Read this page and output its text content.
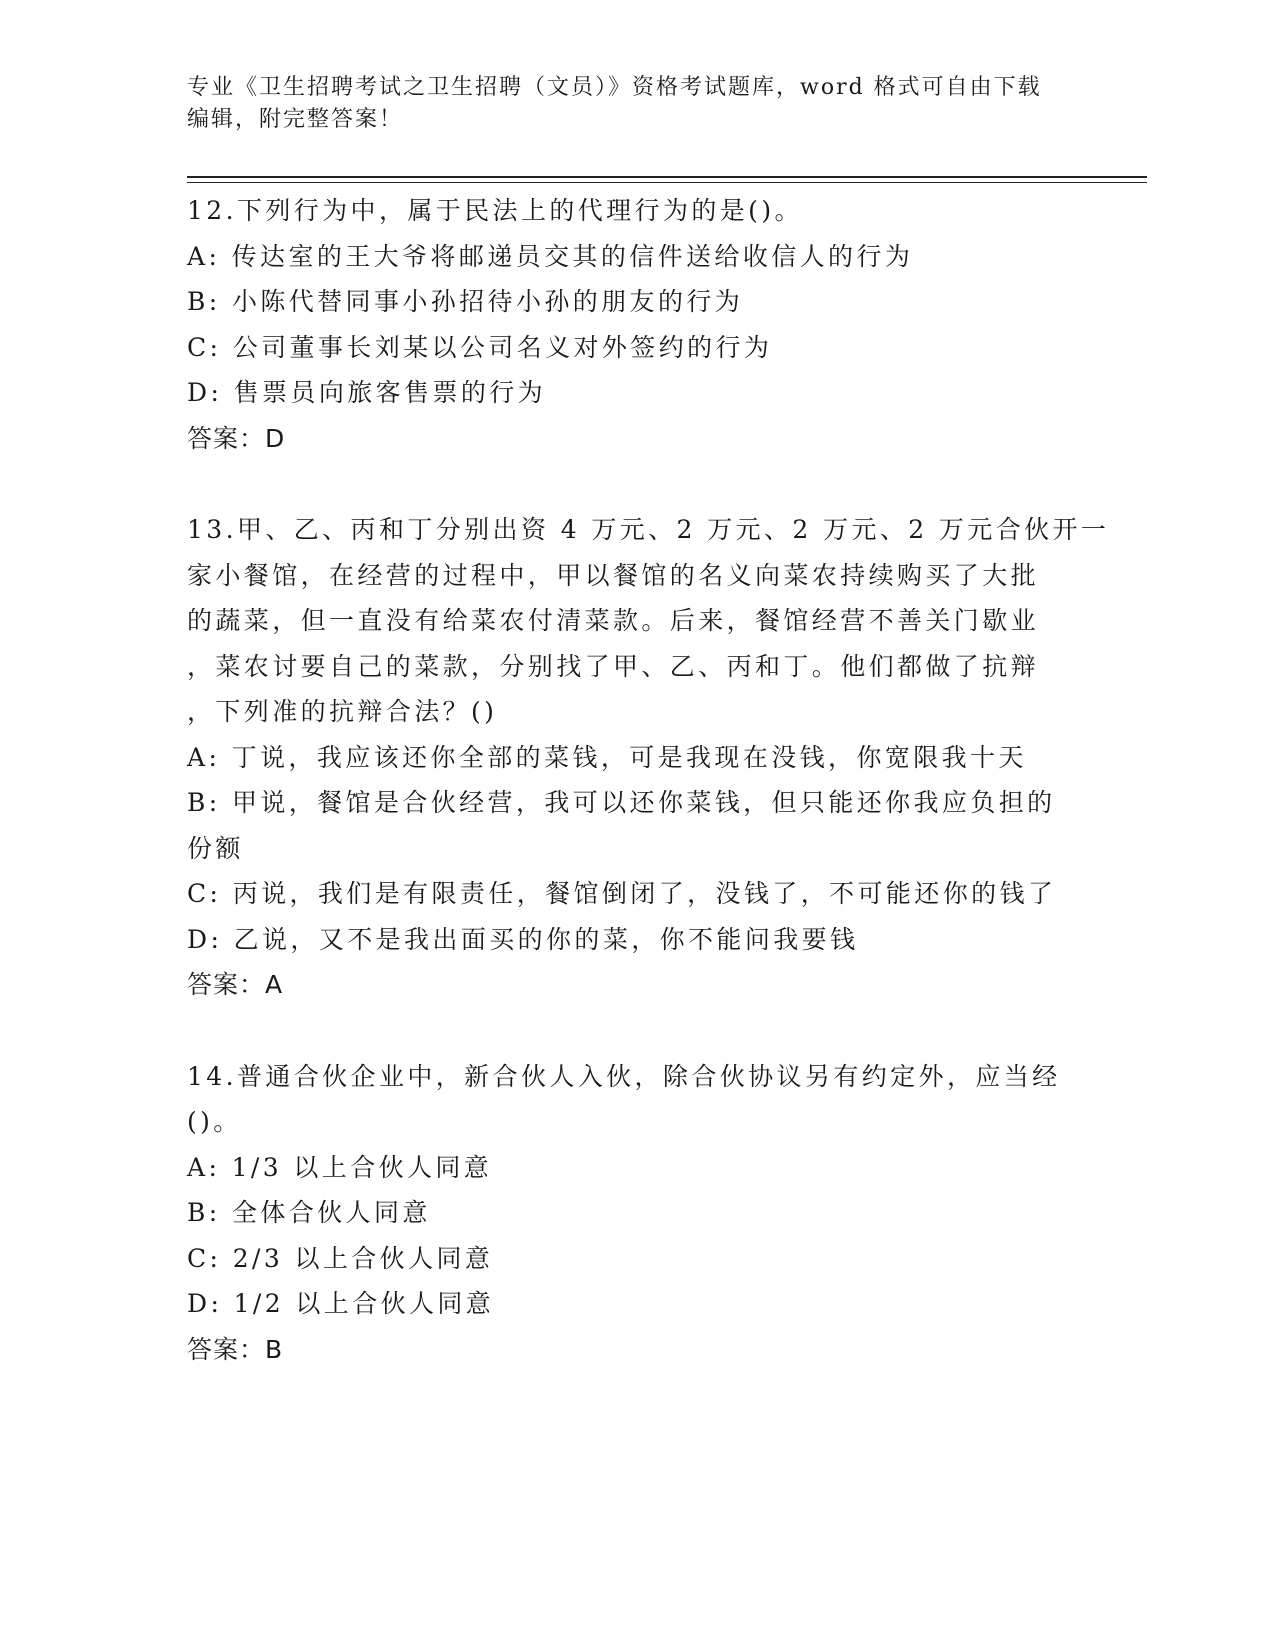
专业《卫生招聘考试之卫生招聘（文员）》资格考试题库，word 格式可自由下载
编辑，附完整答案！
12.下列行为中，属于民法上的代理行为的是()。
A: 传达室的王大爷将邮递员交其的信件送给收信人的行为
B: 小陈代替同事小孙招待小孙的朋友的行为
C: 公司董事长刘某以公司名义对外签约的行为
D: 售票员向旅客售票的行为
答案：D
13.甲、乙、丙和丁分别出资 4 万元、2 万元、2 万元、2 万元合伙开一
家小餐馆，在经营的过程中，甲以餐馆的名义向菜农持续购买了大批
的蔬菜，但一直没有给菜农付清菜款。后来，餐馆经营不善关门歇业
，菜农讨要自己的菜款，分别找了甲、乙、丙和丁。他们都做了抗辩
，下列准的抗辩合法？()
A: 丁说，我应该还你全部的菜钱，可是我现在没钱，你宽限我十天
B: 甲说，餐馆是合伙经营，我可以还你菜钱，但只能还你我应负担的
份额
C: 丙说，我们是有限责任，餐馆倒闭了，没钱了，不可能还你的钱了
D: 乙说，又不是我出面买的你的菜，你不能问我要钱
答案：A
14.普通合伙企业中，新合伙人入伙，除合伙协议另有约定外，应当经
()。
A: 1/3 以上合伙人同意
B: 全体合伙人同意
C: 2/3 以上合伙人同意
D: 1/2 以上合伙人同意
答案：B
